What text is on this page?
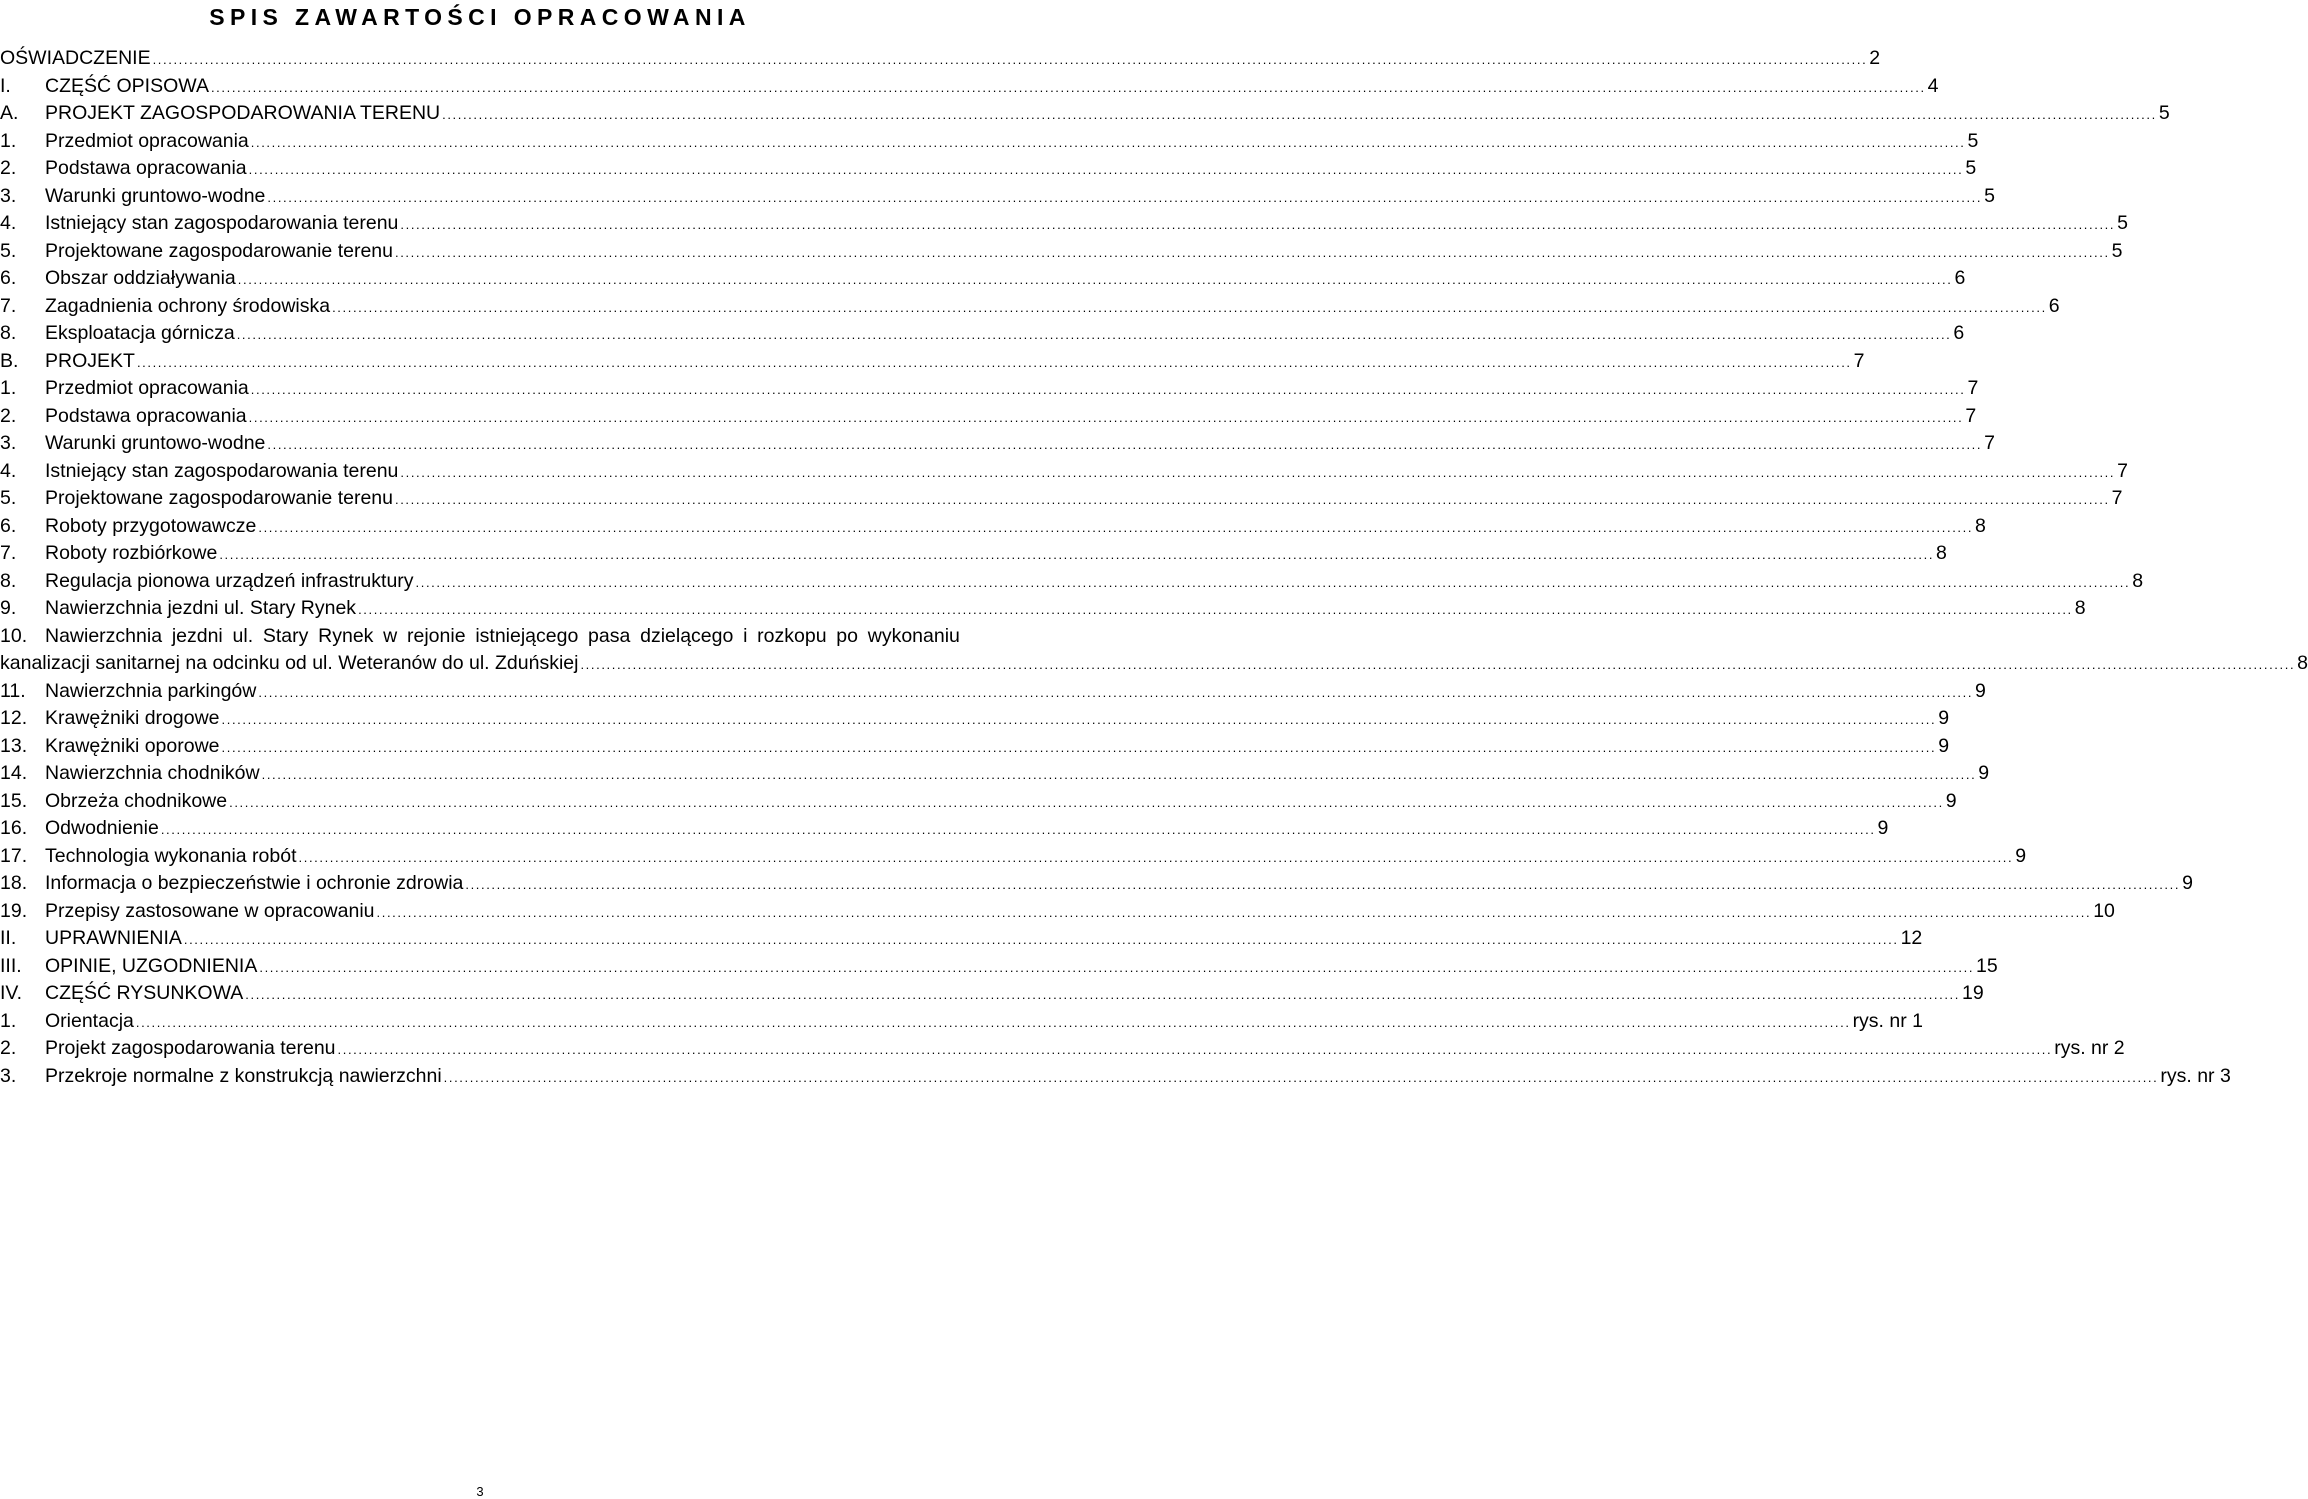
SPIS ZAWARTOŚCI OPRACOWANIA
OŚWIADCZENIE .....	2
I.	CZĘŚĆ OPISOWA .....	4
A.	PROJEKT ZAGOSPODAROWANIA TERENU .....	5
1.	Przedmiot opracowania .....	5
2.	Podstawa opracowania .....	5
3.	Warunki gruntowo-wodne .....	5
4.	Istniejący stan zagospodarowania terenu .....	5
5.	Projektowane zagospodarowanie terenu .....	5
6.	Obszar oddziaływania .....	6
7.	Zagadnienia ochrony środowiska .....	6
8.	Eksploatacja górnicza .....	6
B.	PROJEKT .....	7
1.	Przedmiot opracowania .....	7
2.	Podstawa opracowania .....	7
3.	Warunki gruntowo-wodne .....	7
4.	Istniejący stan zagospodarowania terenu .....	7
5.	Projektowane zagospodarowanie terenu .....	7
6.	Roboty przygotowawcze .....	8
7.	Roboty rozbiórkowe .....	8
8.	Regulacja pionowa urządzeń infrastruktury .....	8
9.	Nawierzchnia jezdni ul. Stary Rynek .....	8
10. Nawierzchnia jezdni ul. Stary Rynek w rejonie istniejącego pasa dzielącego i rozkopu po wykonaniu
kanalizacji sanitarnej na odcinku od ul. Weteranów do ul. Zduńskiej .....	8
11. Nawierzchnia parkingów .....	9
12. Krawężniki drogowe .....	9
13. Krawężniki oporowe .....	9
14. Nawierzchnia chodników .....	9
15. Obrzeża chodnikowe .....	9
16. Odwodnienie .....	9
17. Technologia wykonania robót .....	9
18. Informacja o bezpieczeństwie i ochronie zdrowia .....	9
19. Przepisy zastosowane w opracowaniu .....	10
II.	UPRAWNIENIA .....	12
III.	OPINIE, UZGODNIENIA .....	15
IV.	CZĘŚĆ RYSUNKOWA .....	19
1.	Orientacja .....	rys. nr 1
2.	Projekt zagospodarowania terenu .....	rys. nr 2
3.	Przekroje normalne z konstrukcją nawierzchni .....	rys. nr 3

3
